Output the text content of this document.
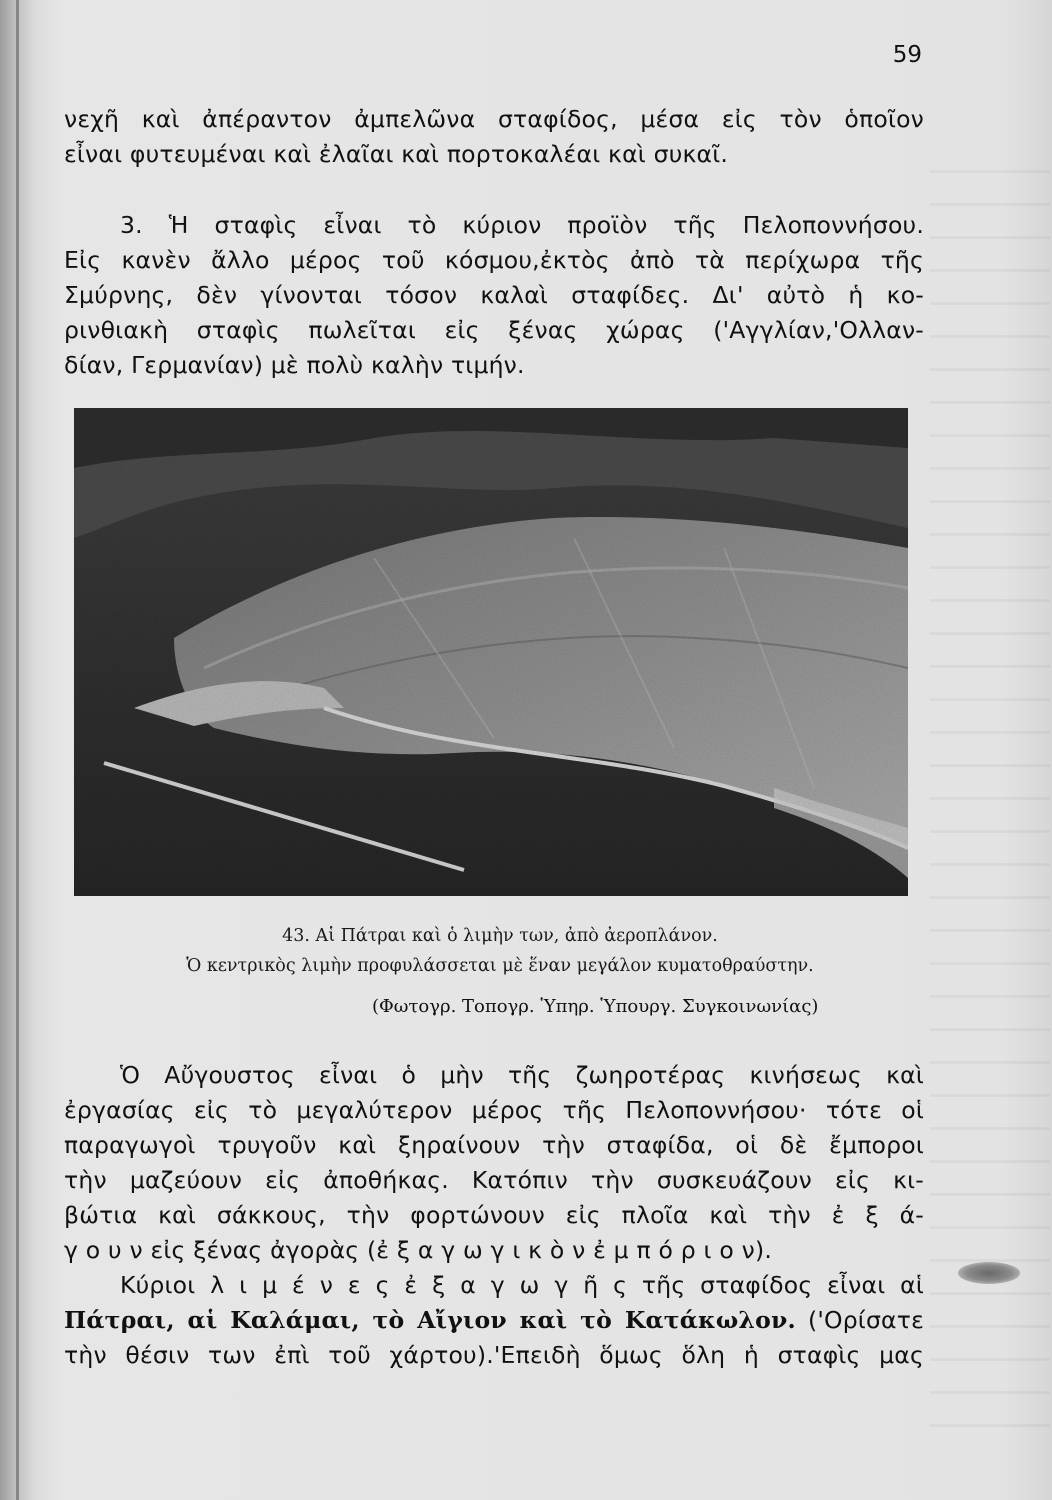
59
νεχῆ καὶ ἀπέραντον ἀμπελῶνα σταφίδος, μέσα εἰς τὸν ὁποῖον
εἶναι φυτευμέναι καὶ ἐλαῖαι καὶ πορτοκαλέαι καὶ συκαῖ.
3. Ἡ σταφὶς εἶναι τὸ κύριον προϊὸν τῆς Πελοποννήσου.
Εἰς κανὲν ἄλλο μέρος τοῦ κόσμου,ἐκτὸς ἀπὸ τὰ περίχωρα τῆς
Σμύρνης, δὲν γίνονται τόσον καλαὶ σταφίδες. Δι' αὐτὸ ἡ κο-
ρινθιακὴ σταφὶς πωλεῖται εἰς ξένας χώρας ('Αγγλίαν,'Ολλαν-
δίαν, Γερμανίαν) μὲ πολὺ καλὴν τιμήν.
43. Αἱ Πάτραι καὶ ὁ λιμὴν των, ἀπὸ ἀεροπλάνον.
Ὁ κεντρικὸς λιμὴν προφυλάσσεται μὲ ἕναν μεγάλον κυματοθραύστην.
(Φωτογρ. Τοπογρ. Ὑπηρ. Ὑπουργ. Συγκοινωνίας)
Ὁ Αὔγουστος εἶναι ὁ μὴν τῆς ζωηροτέρας κινήσεως καὶ
ἐργασίας εἰς τὸ μεγαλύτερον μέρος τῆς Πελοποννήσου· τότε οἱ
παραγωγοὶ τρυγοῦν καὶ ξηραίνουν τὴν σταφίδα, οἱ δὲ ἔμποροι
τὴν μαζεύουν εἰς ἀποθήκας. Κατόπιν τὴν συσκευάζουν εἰς κι-
βώτια καὶ σάκκους, τὴν φορτώνουν εἰς πλοῖα καὶ τὴν ἐ ξ ά-
γ ο υ ν εἰς ξένας ἀγορὰς (ἐ ξ α γ ω γ ι κ ὸ ν ἐ μ π ό ρ ι ο ν).
Κύριοι λ ι μ έ ν ε ς ἐ ξ α γ ω γ ῆ ς τῆς σταφίδος εἶναι αἱ
Πάτραι, αἱ Καλάμαι, τὸ Αἴγιον καὶ τὸ Κατάκωλον. ('Ορίσατε
τὴν θέσιν των ἐπὶ τοῦ χάρτου).'Επειδὴ ὅμως ὅλη ἡ σταφὶς μας
